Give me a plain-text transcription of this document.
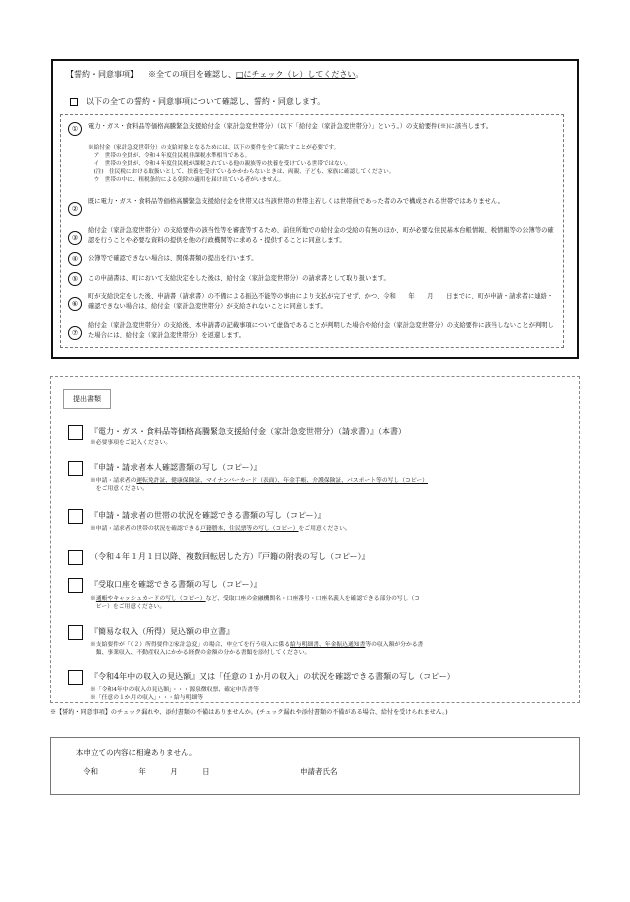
【誓約・同意事項】 ※全ての項目を確認し、□にチェック（レ）してください。
以下の全ての誓約・同意事項について確認し、誓約・同意します。
①	電力・ガス・食料品等価格高騰緊急支援給付金（家計急変世帯分）（以下「給付金（家計急変世帯分）」という。）の支給要件(※)に該当します。
※給付金（家計急変世帯分）の支給対象となるためには、以下の要件を全て満たすことが必要です。
　ア　世帯の全員が、令和４年度住民税非課税水準相当である。
　イ　世帯の全員が、令和４年度住民税が課税されている他の親族等の扶養を受けている世帯ではない。
　(注)　住民税における取扱いとして、扶養を受けているかかわらないときは、両親、子ども、家族に確認してください。
　ウ　世帯の中に、租税条約による免除の適用を届け出ている者がいません。
②
既に電力・ガス・食料品等価格高騰緊急支援給付金を世帯又は当該世帯の世帯主若しくは世帯員であった者のみで構成される世帯ではありません。
③
給付金（家計急変世帯分）の支給要件の該当性等を審査等するため、前住所地での給付金の受給の有無のほか、町が必要な住民基本台帳情報、税情報等の公簿等の確認を行うことや必要な資料の提供を他の行政機関等に求める・提供することに同意します。
④	公簿等で確認できない場合は、関係書類の提出を行います。
⑤	この申請書は、町において支給決定をした後は、給付金（家計急変世帯分）の請求書として取り扱います。
⑥
町が支給決定をした後、申請書（請求書）の不備による振込不能等の事由により支払が完了せず、かつ、令和　　年　　月　　日までに、町が申請・請求者に連絡・確認できない場合は、給付金（家計急変世帯分）が支給されないことに同意します。
⑦
給付金（家計急変世帯分）の支給後、本申請書の記載事項について虚偽であることが判明した場合や給付金（家計急変世帯分）の支給要件に該当しないことが判明した場合には、給付金（家計急変世帯分）を返還します。
提出書類
『電力・ガス・食料品等価格高騰緊急支援給付金（家計急変世帯分）（請求書）』（本書）
※必要事項をご記入ください。
『申請・請求者本人確認書類の写し（コピー）』
※申請・請求者の運転免許証、健康保険証、マイナンバーカード（表面）、年金手帳、介護保険証、パスポート等の写し（コピー）
　をご用意ください。
『申請・請求者の世帯の状況を確認できる書類の写し（コピー）』
※申請・請求者の世帯の状況を確認できる戸籍謄本、住民票等の写し（コピー）をご用意ください。
（令和４年１月１日以降、複数回転居した方）『戸籍の附表の写し（コピー）』
『受取口座を確認できる書類の写し（コピー）』
※通帳やキャッシュカードの写し（コピー）など、受取口座の金融機関名・口座番号・口座名義人を確認できる部分の写し（コ
　ピー）をご用意ください。
『簡易な収入（所得）見込額の申立書』
※支給要件が「（２）所得要件②家計急変」の場合、申立てを行う収入に係る給与明細書、年金振込通知書等の収入額が分かる書
　類、事業収入、不動産収入にかかる経費の金額の分かる書類を添付してください。
『令和4年中の収入の見込額』又は「任意の１か月の収入」の状況を確認できる書類の写し（コピー）
※「令和4年中の収入の見込額」・・・源泉徴収票、確定申告書等
※「任意の１か月の収入」・・・給与明細等
※【誓約・同意事項】のチェック漏れや、添付書類の不備はありませんか。(チェック漏れや添付書類の不備がある場合、給付を受けられません。)
本申立ての内容に相違ありません。
令和	年	月	日	申請者氏名
